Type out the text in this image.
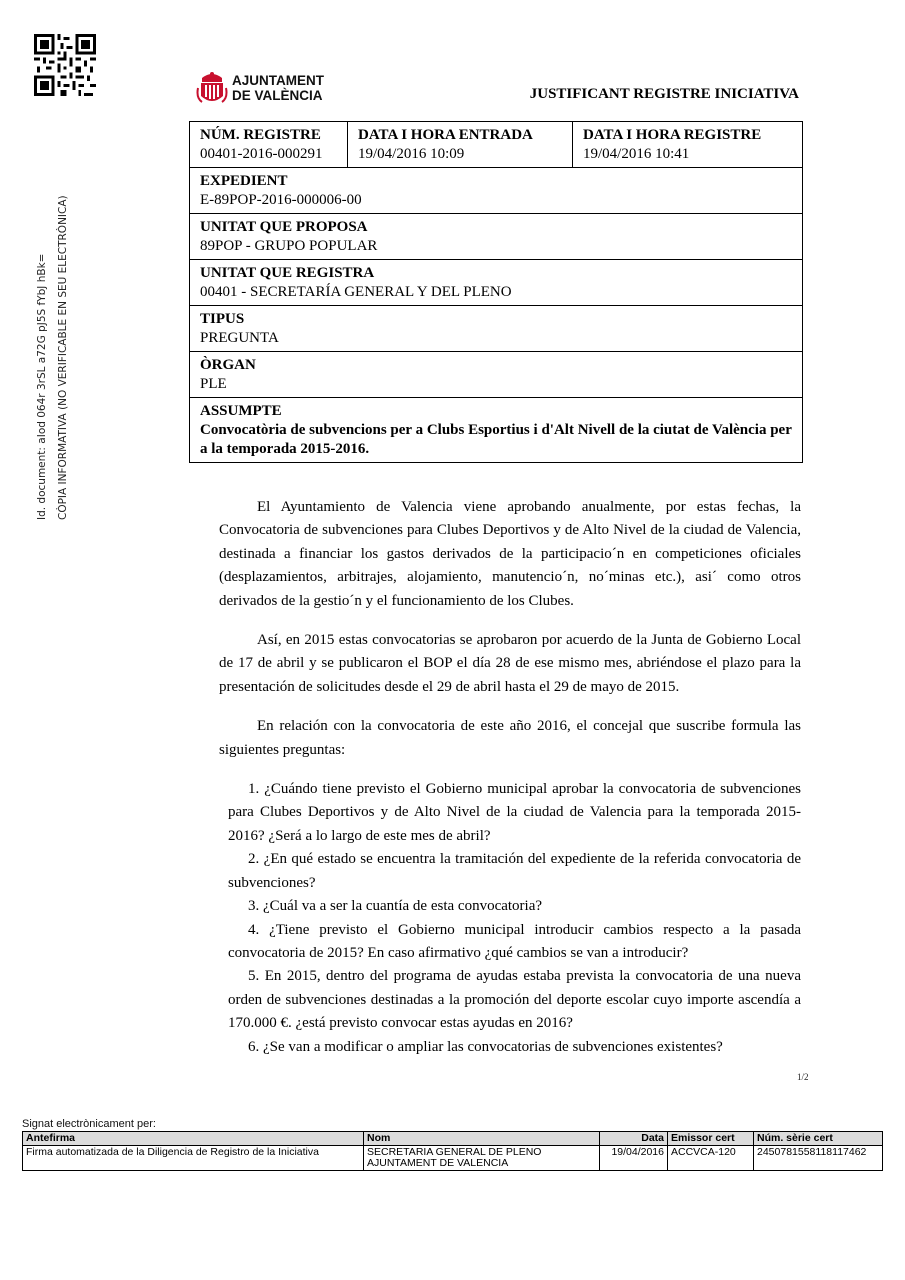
Id. document: aIod 064r 3rSL a72G pJ5S fYbJ hBk= CÒPIA INFORMATIVA (NO VERIFICABLE EN SEU ELECTRÒNICA)
AJUNTAMENT
DE VALÈNCIA	JUSTIFICANT REGISTRE INICIATIVA
NÚM. REGISTRE
00401-2016-000291

DATA I HORA ENTRADA
19/04/2016 10:09

DATA I HORA REGISTRE
19/04/2016 10:41

EXPEDIENT
E-89POP-2016-000006-00

UNITAT QUE PROPOSA
89POP - GRUPO POPULAR

UNITAT QUE REGISTRA
00401 - SECRETARÍA GENERAL Y DEL PLENO

TIPUS
PREGUNTA

ÒRGAN
PLE

ASSUMPTE
Convocatòria de subvencions per a Clubs Esportius i d'Alt Nivell de la ciutat de València per a la temporada 2015-2016.

El Ayuntamiento de Valencia viene aprobando anualmente, por estas fechas, la Convocatoria de subvenciones para Clubes Deportivos y de Alto Nivel de la ciudad de Valencia, destinada a financiar los gastos derivados de la participacio´n en competiciones oficiales (desplazamientos, arbitrajes, alojamiento, manutencio´n, no´minas etc.), asi´ como otros derivados de la gestio´n y el funcionamiento de los Clubes.

Así, en 2015 estas convocatorias se aprobaron por acuerdo de la Junta de Gobierno Local de 17 de abril y se publicaron el BOP el día 28 de ese mismo mes, abriéndose el plazo para la presentación de solicitudes desde el 29 de abril hasta el 29 de mayo de 2015.

En relación con la convocatoria de este año 2016, el concejal que suscribe formula las siguientes preguntas:

1. ¿Cuándo tiene previsto el Gobierno municipal aprobar la convocatoria de subvenciones para Clubes Deportivos y de Alto Nivel de la ciudad de Valencia para la temporada 2015-2016? ¿Será a lo largo de este mes de abril?
2. ¿En qué estado se encuentra la tramitación del expediente de la referida convocatoria de subvenciones?
3. ¿Cuál va a ser la cuantía de esta convocatoria?
4. ¿Tiene previsto el Gobierno municipal introducir cambios respecto a la pasada convocatoria de 2015? En caso afirmativo ¿qué cambios se van a introducir?
5. En 2015, dentro del programa de ayudas estaba prevista la convocatoria de una nueva orden de subvenciones destinadas a la promoción del deporte escolar cuyo importe ascendía a 170.000 €. ¿está previsto convocar estas ayudas en 2016?
6. ¿Se van a modificar o ampliar las convocatorias de subvenciones existentes?
1/2
Signat electrònicament per:
Antefirma	Nom	Data	Emissor cert	Núm. sèrie cert
Firma automatizada de la Diligencia de Registro de la Iniciativa	SECRETARIA GENERAL DE PLENO
AJUNTAMENT DE VALENCIA	19/04/2016	ACCVCA-120	2450781558118117462
